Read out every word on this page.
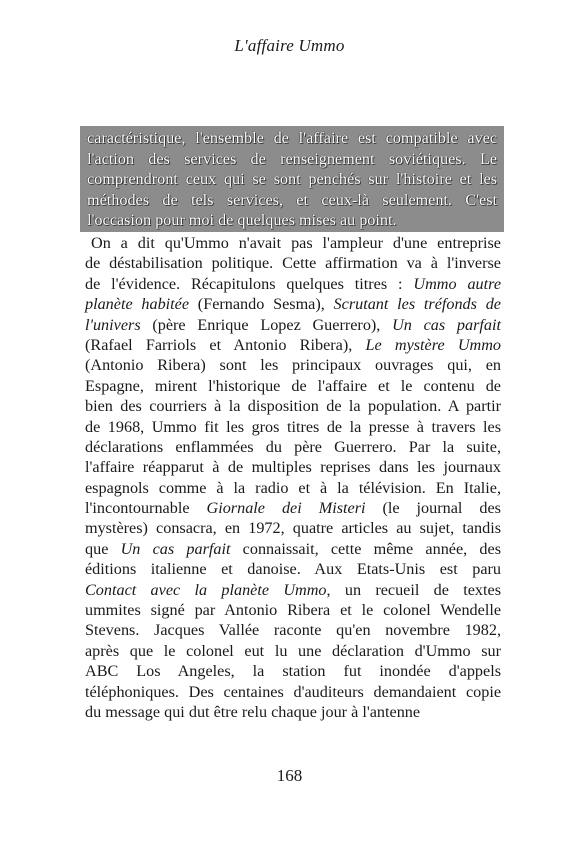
L'affaire Ummo
caractéristique, l'ensemble de l'affaire est compatible avec
l'action des services de renseignement soviétiques. Le
comprendront ceux qui se sont penchés sur l'histoire et les
méthodes de tels services, et ceux-là seulement. C'est
l'occasion pour moi de quelques mises au point.
On a dit qu'Ummo n'avait pas l'ampleur d'une entreprise
de déstabilisation politique. Cette affirmation va à l'inverse
de l'évidence. Récapitulons quelques titres : Ummo autre
planète habitée (Fernando Sesma), Scrutant les tréfonds de
l'univers (père Enrique Lopez Guerrero), Un cas parfait
(Rafael Farriols et Antonio Ribera), Le mystère Ummo
(Antonio Ribera) sont les principaux ouvrages qui, en
Espagne, mirent l'historique de l'affaire et le contenu de
bien des courriers à la disposition de la population. A partir
de 1968, Ummo fit les gros titres de la presse à travers les
déclarations enflammées du père Guerrero. Par la suite,
l'affaire réapparut à de multiples reprises dans les journaux
espagnols comme à la radio et à la télévision. En Italie,
l'incontournable Giornale dei Misteri (le journal des
mystères) consacra, en 1972, quatre articles au sujet, tandis
que Un cas parfait connaissait, cette même année, des
éditions italienne et danoise. Aux Etats-Unis est paru
Contact avec la planète Ummo, un recueil de textes
ummites signé par Antonio Ribera et le colonel Wendelle
Stevens. Jacques Vallée raconte qu'en novembre 1982,
après que le colonel eut lu une déclaration d'Ummo sur
ABC Los Angeles, la station fut inondée d'appels
téléphoniques. Des centaines d'auditeurs demandaient copie
du message qui dut être relu chaque jour à l'antenne
168
